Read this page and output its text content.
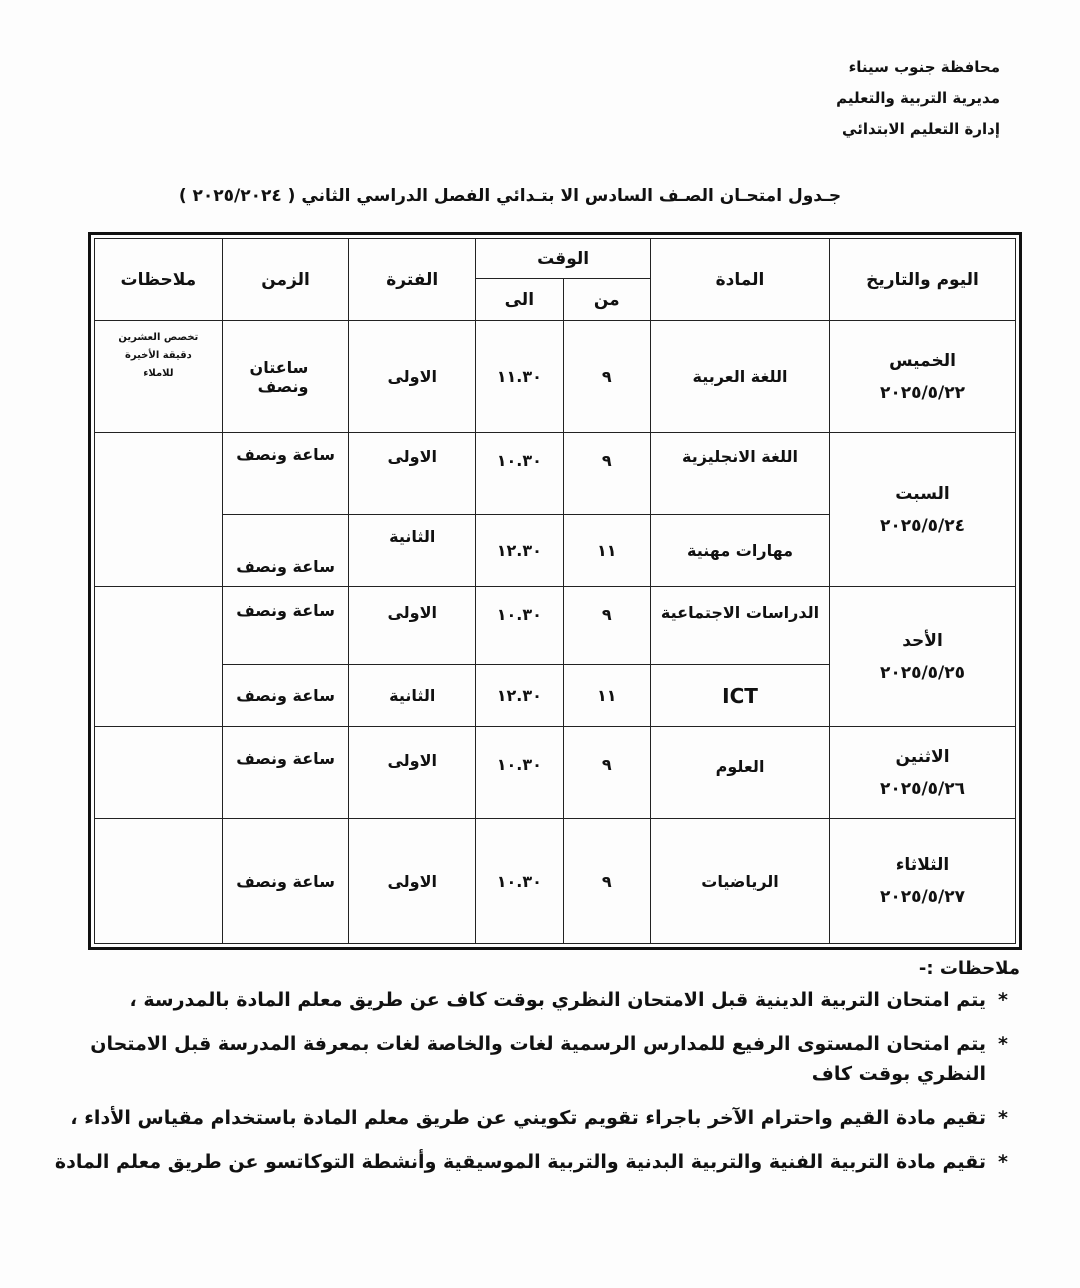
محافظة جنوب سيناء
مديرية التربية والتعليم
إدارة التعليم الابتدائي
جـدول امتحـان الصـف السادس الا بتـدائي الفصل الدراسي الثاني ( ٢٠٢٥/٢٠٢٤ )
اليوم والتاريخ	المادة	الوقت		الفترة	الزمن	ملاحظات
		من	الى			

الخميس
٢٠٢٥/٥/٢٢	اللغة العربية	٩	١١.٣٠	الاولى	ساعتان ونصف	تخصص العشرين دقيقة الأخيرة للاملاء

السبت
٢٠٢٥/٥/٢٤	اللغة الانجليزية	٩	١٠.٣٠	الاولى	ساعة ونصف	
	مهارات مهنية	١١	١٢.٣٠	الثانية	ساعة ونصف	

الأحد
٢٠٢٥/٥/٢٥	الدراسات الاجتماعية	٩	١٠.٣٠	الاولى	ساعة ونصف	
	ICT	١١	١٢.٣٠	الثانية	ساعة ونصف	

الاثنين
٢٠٢٥/٥/٢٦	العلوم	٩	١٠.٣٠	الاولى	ساعة ونصف	

الثلاثاء
٢٠٢٥/٥/٢٧	الرياضيات	٩	١٠.٣٠	الاولى	ساعة ونصف	
ملاحظات :-
*
يتم امتحان التربية الدينية قبل الامتحان النظري بوقت كاف عن طريق معلم المادة بالمدرسة ،
*
يتم امتحان المستوى الرفيع للمدارس الرسمية لغات والخاصة لغات بمعرفة المدرسة قبل الامتحان النظري بوقت كاف
*
تقيم مادة القيم واحترام الآخر باجراء تقويم تكويني عن طريق معلم المادة باستخدام مقياس الأداء ،
*
تقيم مادة التربية الفنية والتربية البدنية والتربية الموسيقية وأنشطة التوكاتسو عن طريق معلم المادة
